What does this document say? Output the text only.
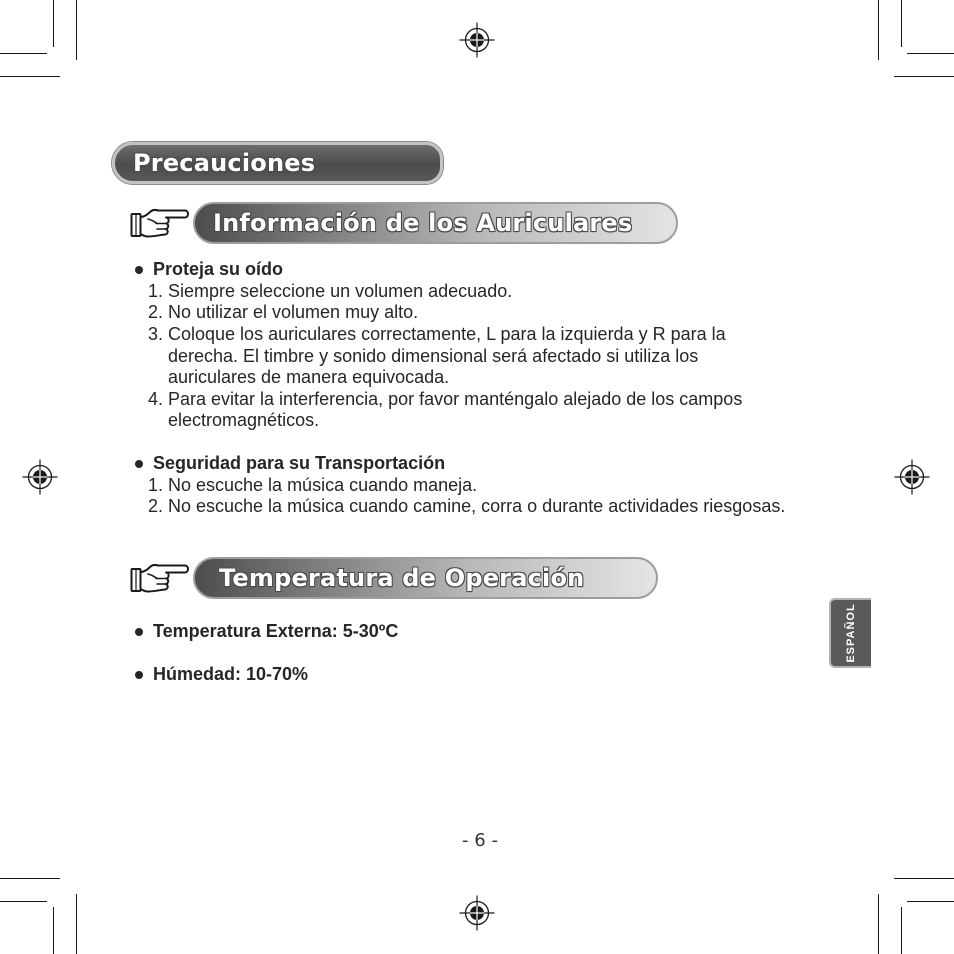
Precauciones
Información de los Auriculares
Proteja su oído
1. Siempre seleccione un volumen adecuado.
2. No utilizar el volumen muy alto.
3. Coloque los auriculares correctamente, L para la izquierda y R para la
derecha. El timbre y sonido dimensional será afectado si utiliza los
auriculares de manera equivocada.
4. Para evitar la interferencia, por favor manténgalo alejado de los campos
electromagnéticos.
Seguridad para su Transportación
1. No escuche la música cuando maneja.
2. No escuche la música cuando camine, corra o durante actividades riesgosas.
Temperatura de Operación
Temperatura Externa: 5-30ºC
Húmedad: 10-70%
ESPAÑOL
- 6 -
